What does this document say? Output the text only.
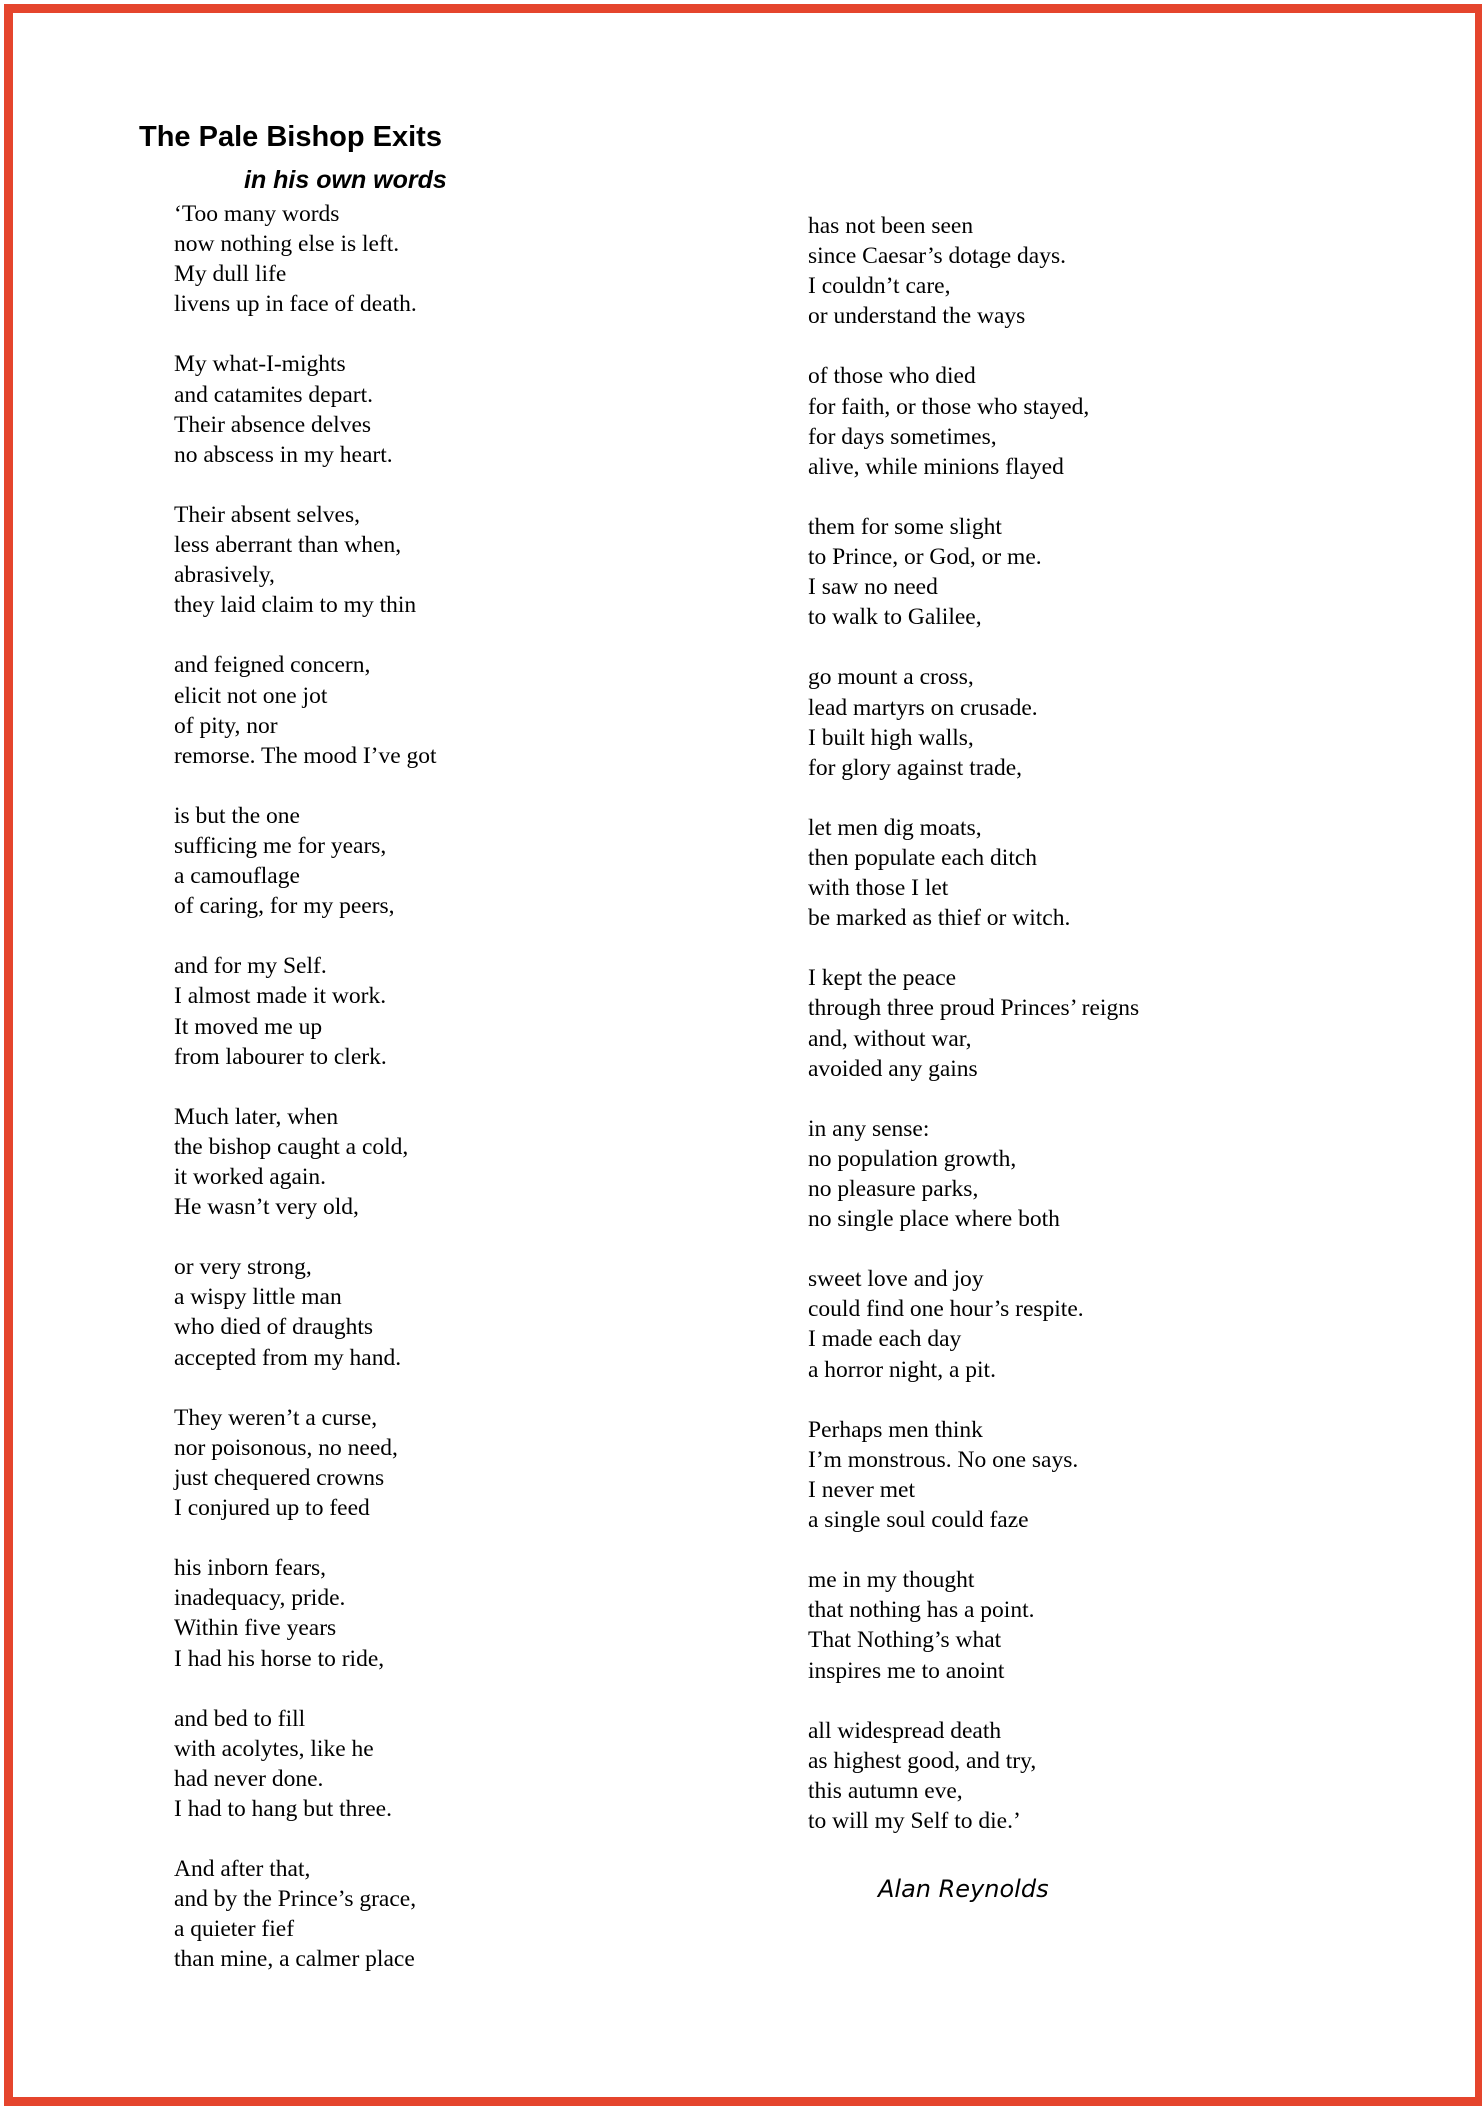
The Pale Bishop Exits
in his own words
‘Too many words
now nothing else is left.
My dull life
livens up in face of death.
My what-I-mights
and catamites depart.
Their absence delves
no abscess in my heart.
Their absent selves,
less aberrant than when,
abrasively,
they laid claim to my thin
and feigned concern,
elicit not one jot
of pity, nor
remorse. The mood I’ve got
is but the one
sufficing me for years,
a camouflage
of caring, for my peers,
and for my Self.
I almost made it work.
It moved me up
from labourer to clerk.
Much later, when
the bishop caught a cold,
it worked again.
He wasn’t very old,
or very strong,
a wispy little man
who died of draughts
accepted from my hand.
They weren’t a curse,
nor poisonous, no need,
just chequered crowns
I conjured up to feed
his inborn fears,
inadequacy, pride.
Within five years
I had his horse to ride,
and bed to fill
with acolytes, like he
had never done.
I had to hang but three.
And after that,
and by the Prince’s grace,
a quieter fief
than mine, a calmer place
has not been seen
since Caesar’s dotage days.
I couldn’t care,
or understand the ways
of those who died
for faith, or those who stayed,
for days sometimes,
alive, while minions flayed
them for some slight
to Prince, or God, or me.
I saw no need
to walk to Galilee,
go mount a cross,
lead martyrs on crusade.
I built high walls,
for glory against trade,
let men dig moats,
then populate each ditch
with those I let
be marked as thief or witch.
I kept the peace
through three proud Princes’ reigns
and, without war,
avoided any gains
in any sense:
no population growth,
no pleasure parks,
no single place where both
sweet love and joy
could find one hour’s respite.
I made each day
a horror night, a pit.
Perhaps men think
I’m monstrous. No one says.
I never met
a single soul could faze
me in my thought
that nothing has a point.
That Nothing’s what
inspires me to anoint
all widespread death
as highest good, and try,
this autumn eve,
to will my Self to die.’

Alan Reynolds
